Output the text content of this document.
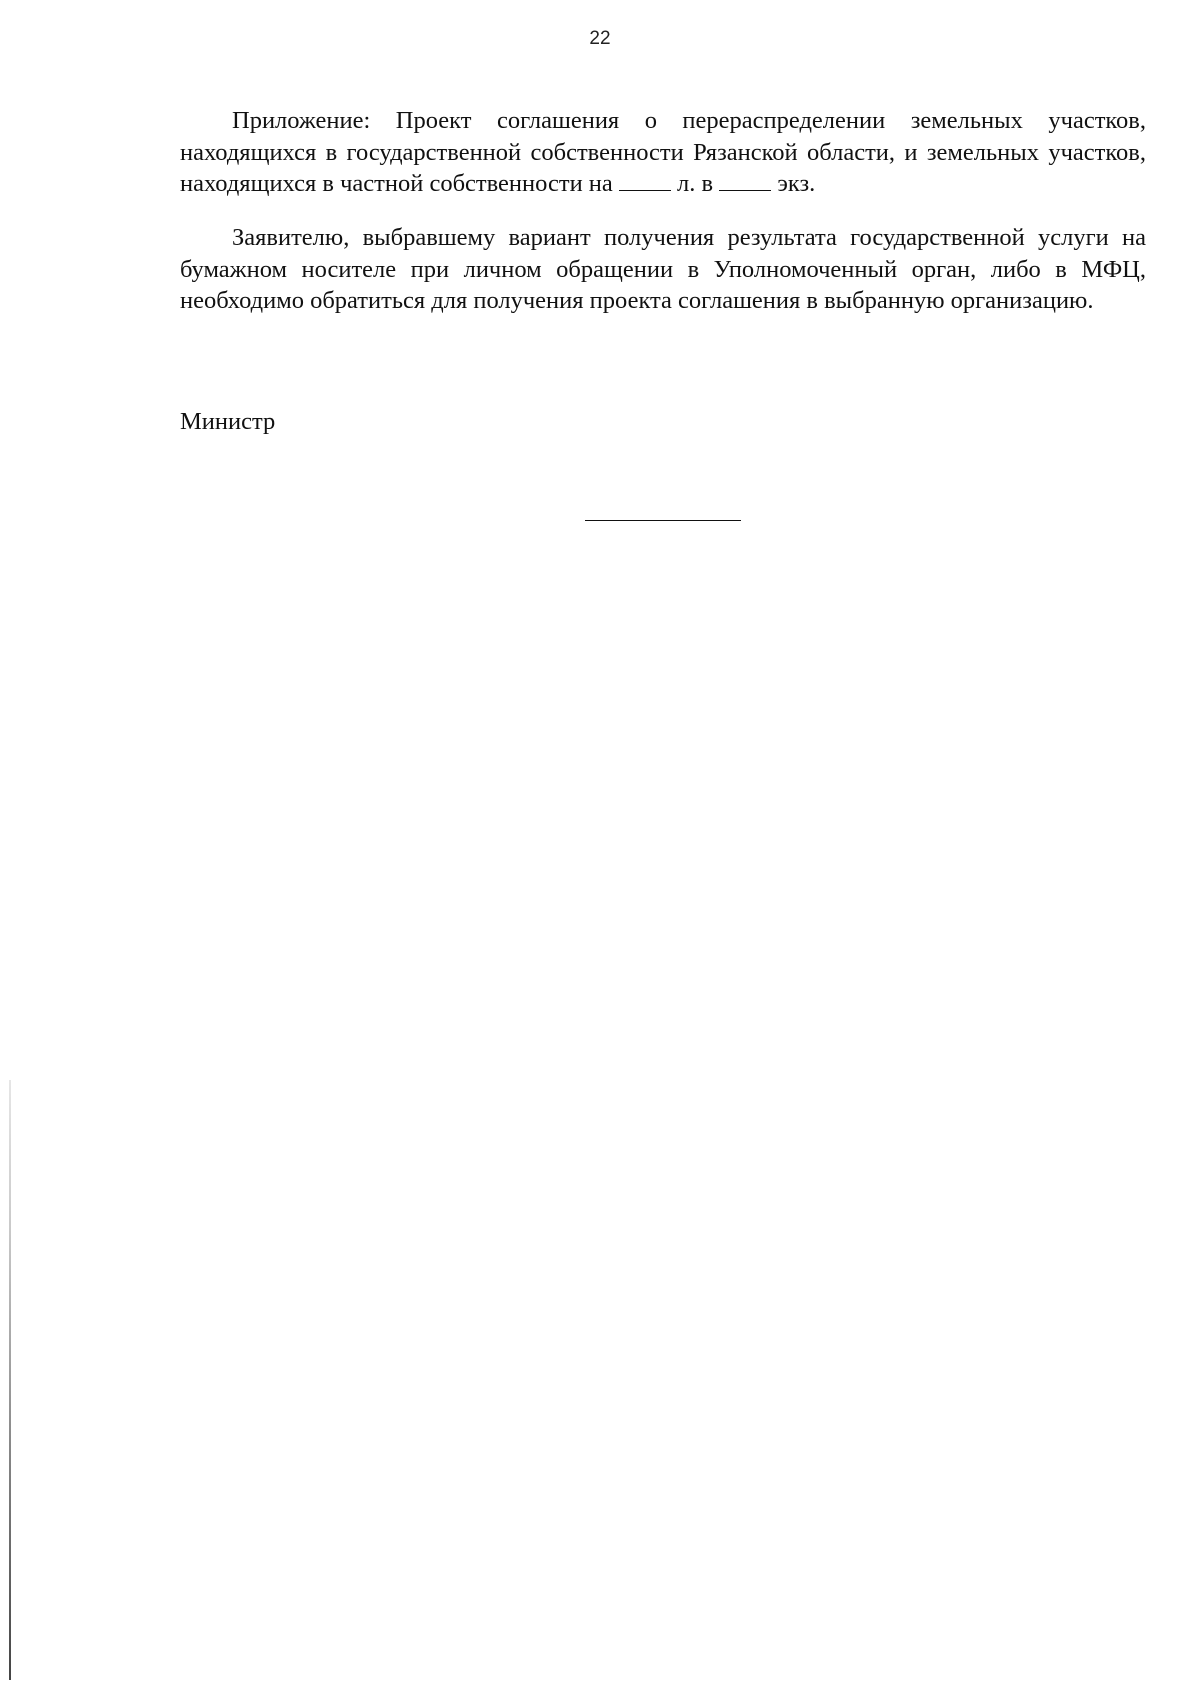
22

Приложение: Проект соглашения о перераспределении земельных участков, находящихся в государственной собственности Рязанской области, и земельных участков, находящихся в частной собственности на	л. в	экз.

Заявителю, выбравшему вариант получения результата государственной услуги на бумажном носителе при личном обращении в Уполномоченный орган, либо в МФЦ, необходимо обратиться для получения проекта соглашения в выбранную организацию.

Министр
